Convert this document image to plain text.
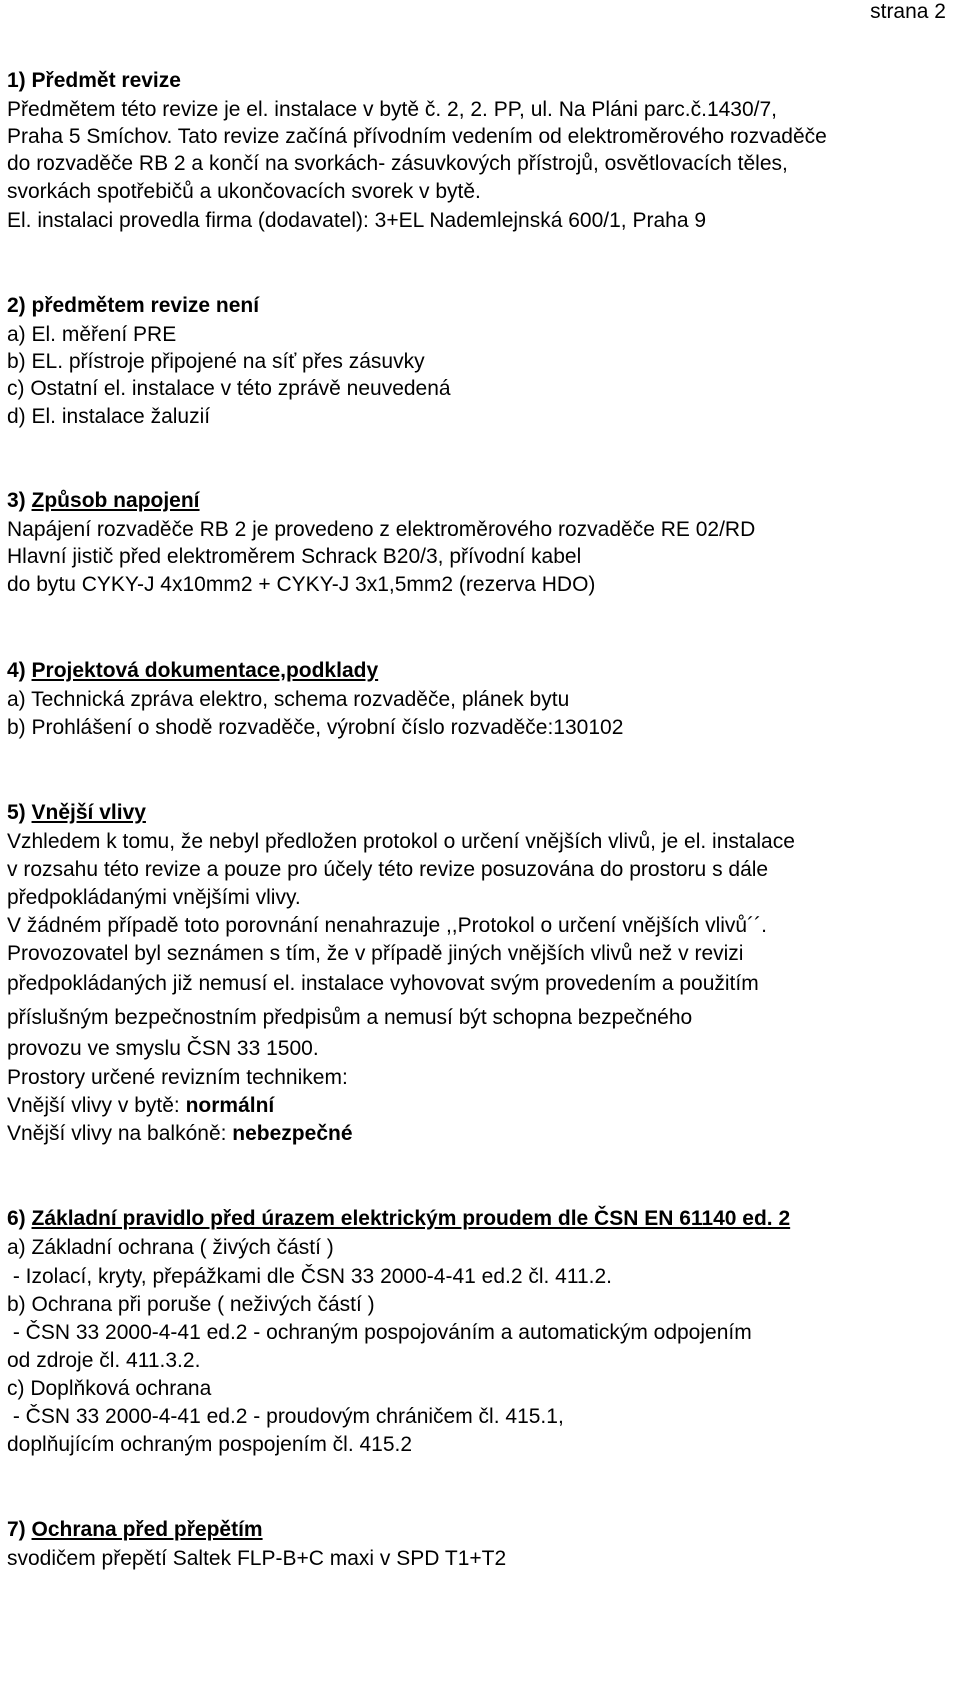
strana 2

1) Předmět revize

Předmětem této revize je el. instalace v bytě č. 2, 2. PP, ul. Na Pláni parc.č.1430/7,

Praha 5 Smíchov. Tato revize začíná přívodním vedením od elektroměrového rozvaděče

do rozvaděče RB 2 a končí na svorkách- zásuvkových přístrojů, osvětlovacích těles,

svorkách spotřebičů a ukončovacích svorek v bytě.

El. instalaci provedla firma (dodavatel): 3+EL Nademlejnská 600/1, Praha 9

2) předmětem revize není

a) El. měření PRE

b) EL. přístroje připojené na síť přes zásuvky

c) Ostatní el. instalace v této zprávě neuvedená

d) El. instalace žaluzií

3) Způsob napojení

Napájení rozvaděče RB 2 je provedeno z elektroměrového rozvaděče RE 02/RD

Hlavní jistič před elektroměrem Schrack B20/3, přívodní kabel

do bytu CYKY-J 4x10mm2 + CYKY-J 3x1,5mm2 (rezerva HDO)

4) Projektová dokumentace,podklady

a) Technická zpráva elektro, schema rozvaděče, plánek bytu

b) Prohlášení o shodě rozvaděče, výrobní číslo rozvaděče:130102

5) Vnější vlivy

Vzhledem k tomu, že nebyl předložen protokol o určení vnějších vlivů, je el. instalace

v rozsahu této revize a pouze pro účely této revize posuzována do prostoru s dále

předpokládanými vnějšími vlivy.

V žádném případě toto porovnání nenahrazuje ,,Protokol o určení vnějších vlivů´´.

Provozovatel byl seznámen s tím, že v případě jiných vnějších vlivů než v revizi

předpokládaných již nemusí el. instalace vyhovovat svým provedením a použitím

příslušným bezpečnostním předpisům a nemusí být schopna bezpečného

provozu ve smyslu ČSN 33 1500.

Prostory určené revizním technikem:

Vnější vlivy v bytě: normální

Vnější vlivy na balkóně: nebezpečné

6) Základní pravidlo před úrazem elektrickým proudem dle ČSN EN 61140 ed. 2

a) Základní ochrana ( živých částí )

- Izolací, kryty, přepážkami dle ČSN 33 2000-4-41 ed.2 čl. 411.2.

b) Ochrana při poruše ( neživých částí )

- ČSN 33 2000-4-41 ed.2 - ochraným pospojováním a automatickým odpojením

od zdroje čl. 411.3.2.

c) Doplňková ochrana

- ČSN 33 2000-4-41 ed.2 - proudovým chráničem čl. 415.1,

doplňujícím ochraným pospojením čl. 415.2

7) Ochrana před přepětím

svodičem přepětí Saltek FLP-B+C maxi v SPD T1+T2
